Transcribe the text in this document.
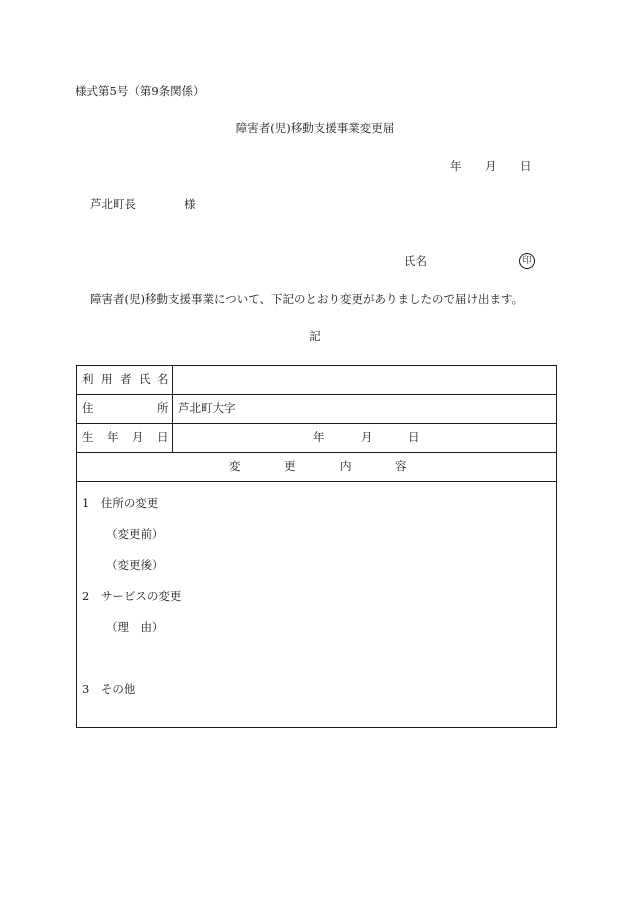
様式第5号（第9条関係）
障害者(児)移動支援事業変更届
年 月 日
芦北町長	様
氏名	印
障害者(児)移動支援事業について、下記のとおり変更がありましたので届け出ます。
記
利 用 者 氏 名
住	所 芦北町大字
生 年 月 日	年	月	日
変	更	内	容
1　住所の変更
（変更前）
（変更後）
2　サービスの変更
（理　由）
3　その他
